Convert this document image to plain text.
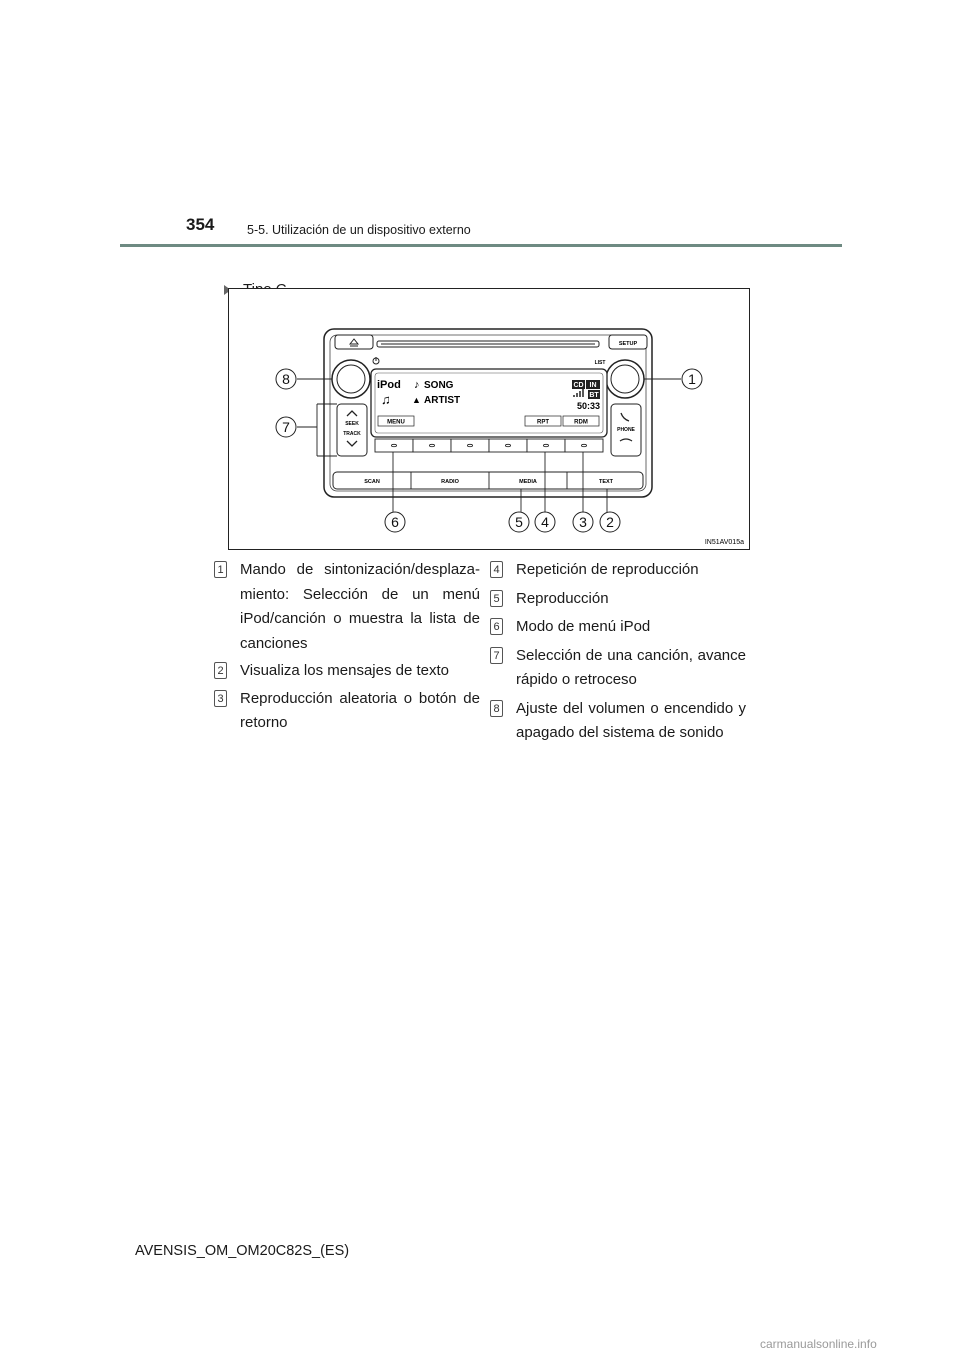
354	5-5. Utilización de un dispositivo externo
SETUP
LIST
SEEK
TRACK
PHONE
iPod ♪ SONG
♫ ▲ ARTIST
CD IN
BT
50:33
MENU	RPT	RDM
SCAN	RADIO	MEDIA	TEXT
8	1
7
6	5 4 3 2
IN51AV015a
1 Mando de sintonización/desplaza-miento: Selección de un menú iPod/canción o muestra la lista de canciones
2 Visualiza los mensajes de texto
3 Reproducción aleatoria o botón de retorno
4 Repetición de reproducción
5 Reproducción
6 Modo de menú iPod
7 Selección de una canción, avance rápido o retroceso
8 Ajuste del volumen o encendido y apagado del sistema de sonido
AVENSIS_OM_OM20C82S_(ES)
carmanualsonline.info
